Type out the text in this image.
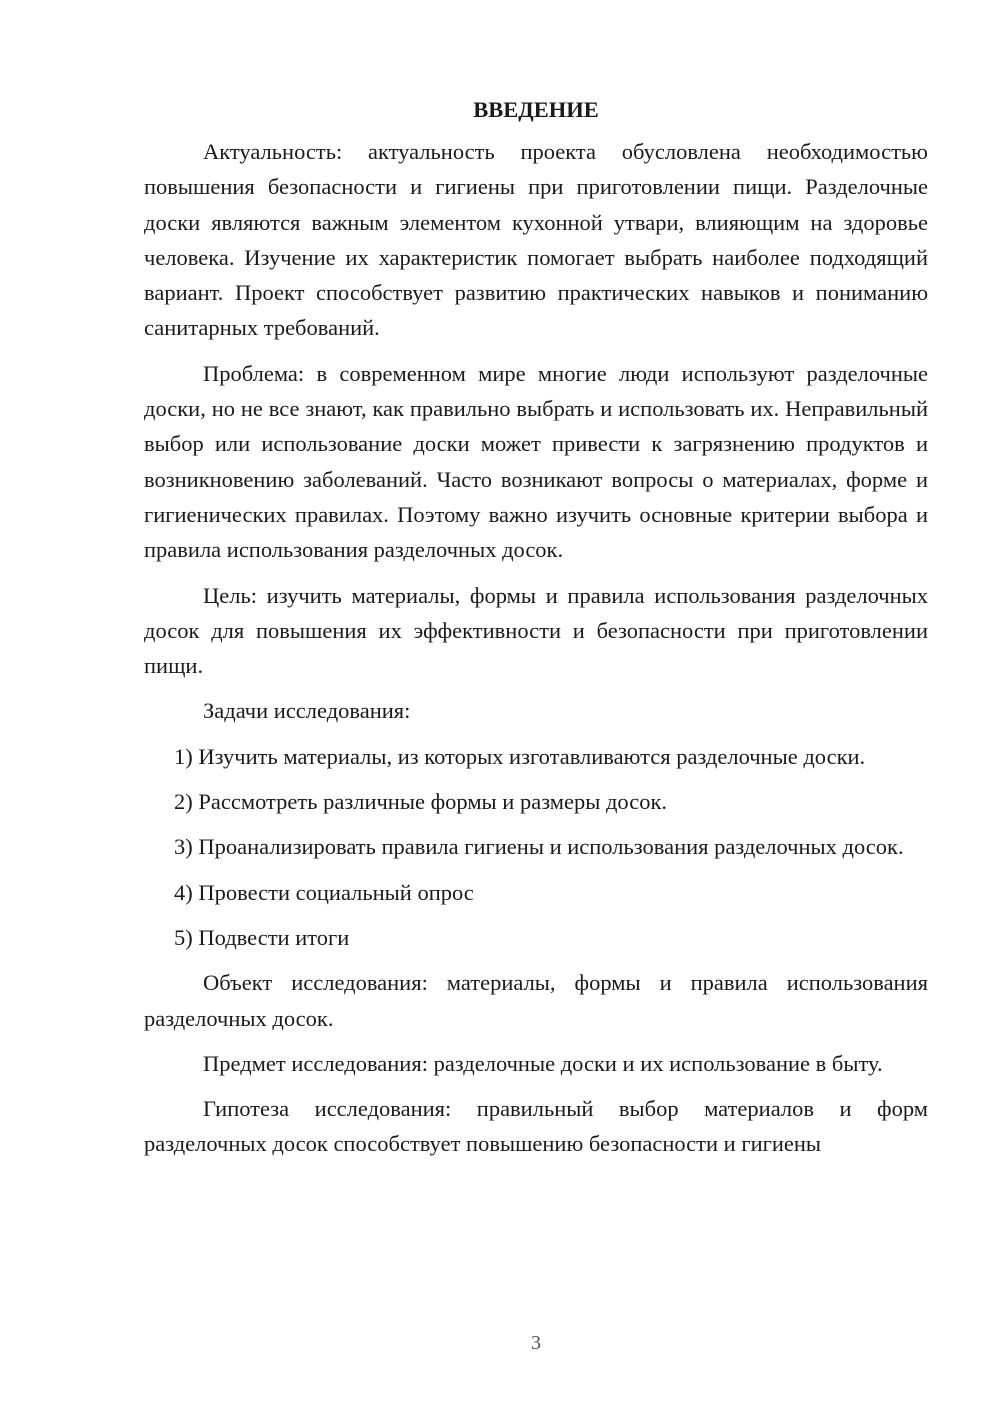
ВВЕДЕНИЕ

Актуальность: актуальность проекта обусловлена необходимостью повышения безопасности и гигиены при приготовлении пищи. Разделочные доски являются важным элементом кухонной утвари, влияющим на здоровье человека. Изучение их характеристик помогает выбрать наиболее подходящий вариант. Проект способствует развитию практических навыков и пониманию санитарных требований.

Проблема: в современном мире многие люди используют разделочные доски, но не все знают, как правильно выбрать и использовать их. Неправильный выбор или использование доски может привести к загрязнению продуктов и возникновению заболеваний. Часто возникают вопросы о материалах, форме и гигиенических правилах. Поэтому важно изучить основные критерии выбора и правила использования разделочных досок.

Цель: изучить материалы, формы и правила использования разделочных досок для повышения их эффективности и безопасности при приготовлении пищи.

Задачи исследования:

1) Изучить материалы, из которых изготавливаются разделочные доски.

2) Рассмотреть различные формы и размеры досок.

3) Проанализировать правила гигиены и использования разделочных досок.

4) Провести социальный опрос

5) Подвести итоги

Объект исследования: материалы, формы и правила использования разделочных досок.

Предмет исследования: разделочные доски и их использование в быту.

Гипотеза исследования: правильный выбор материалов и форм разделочных досок способствует повышению безопасности и гигиены

3
